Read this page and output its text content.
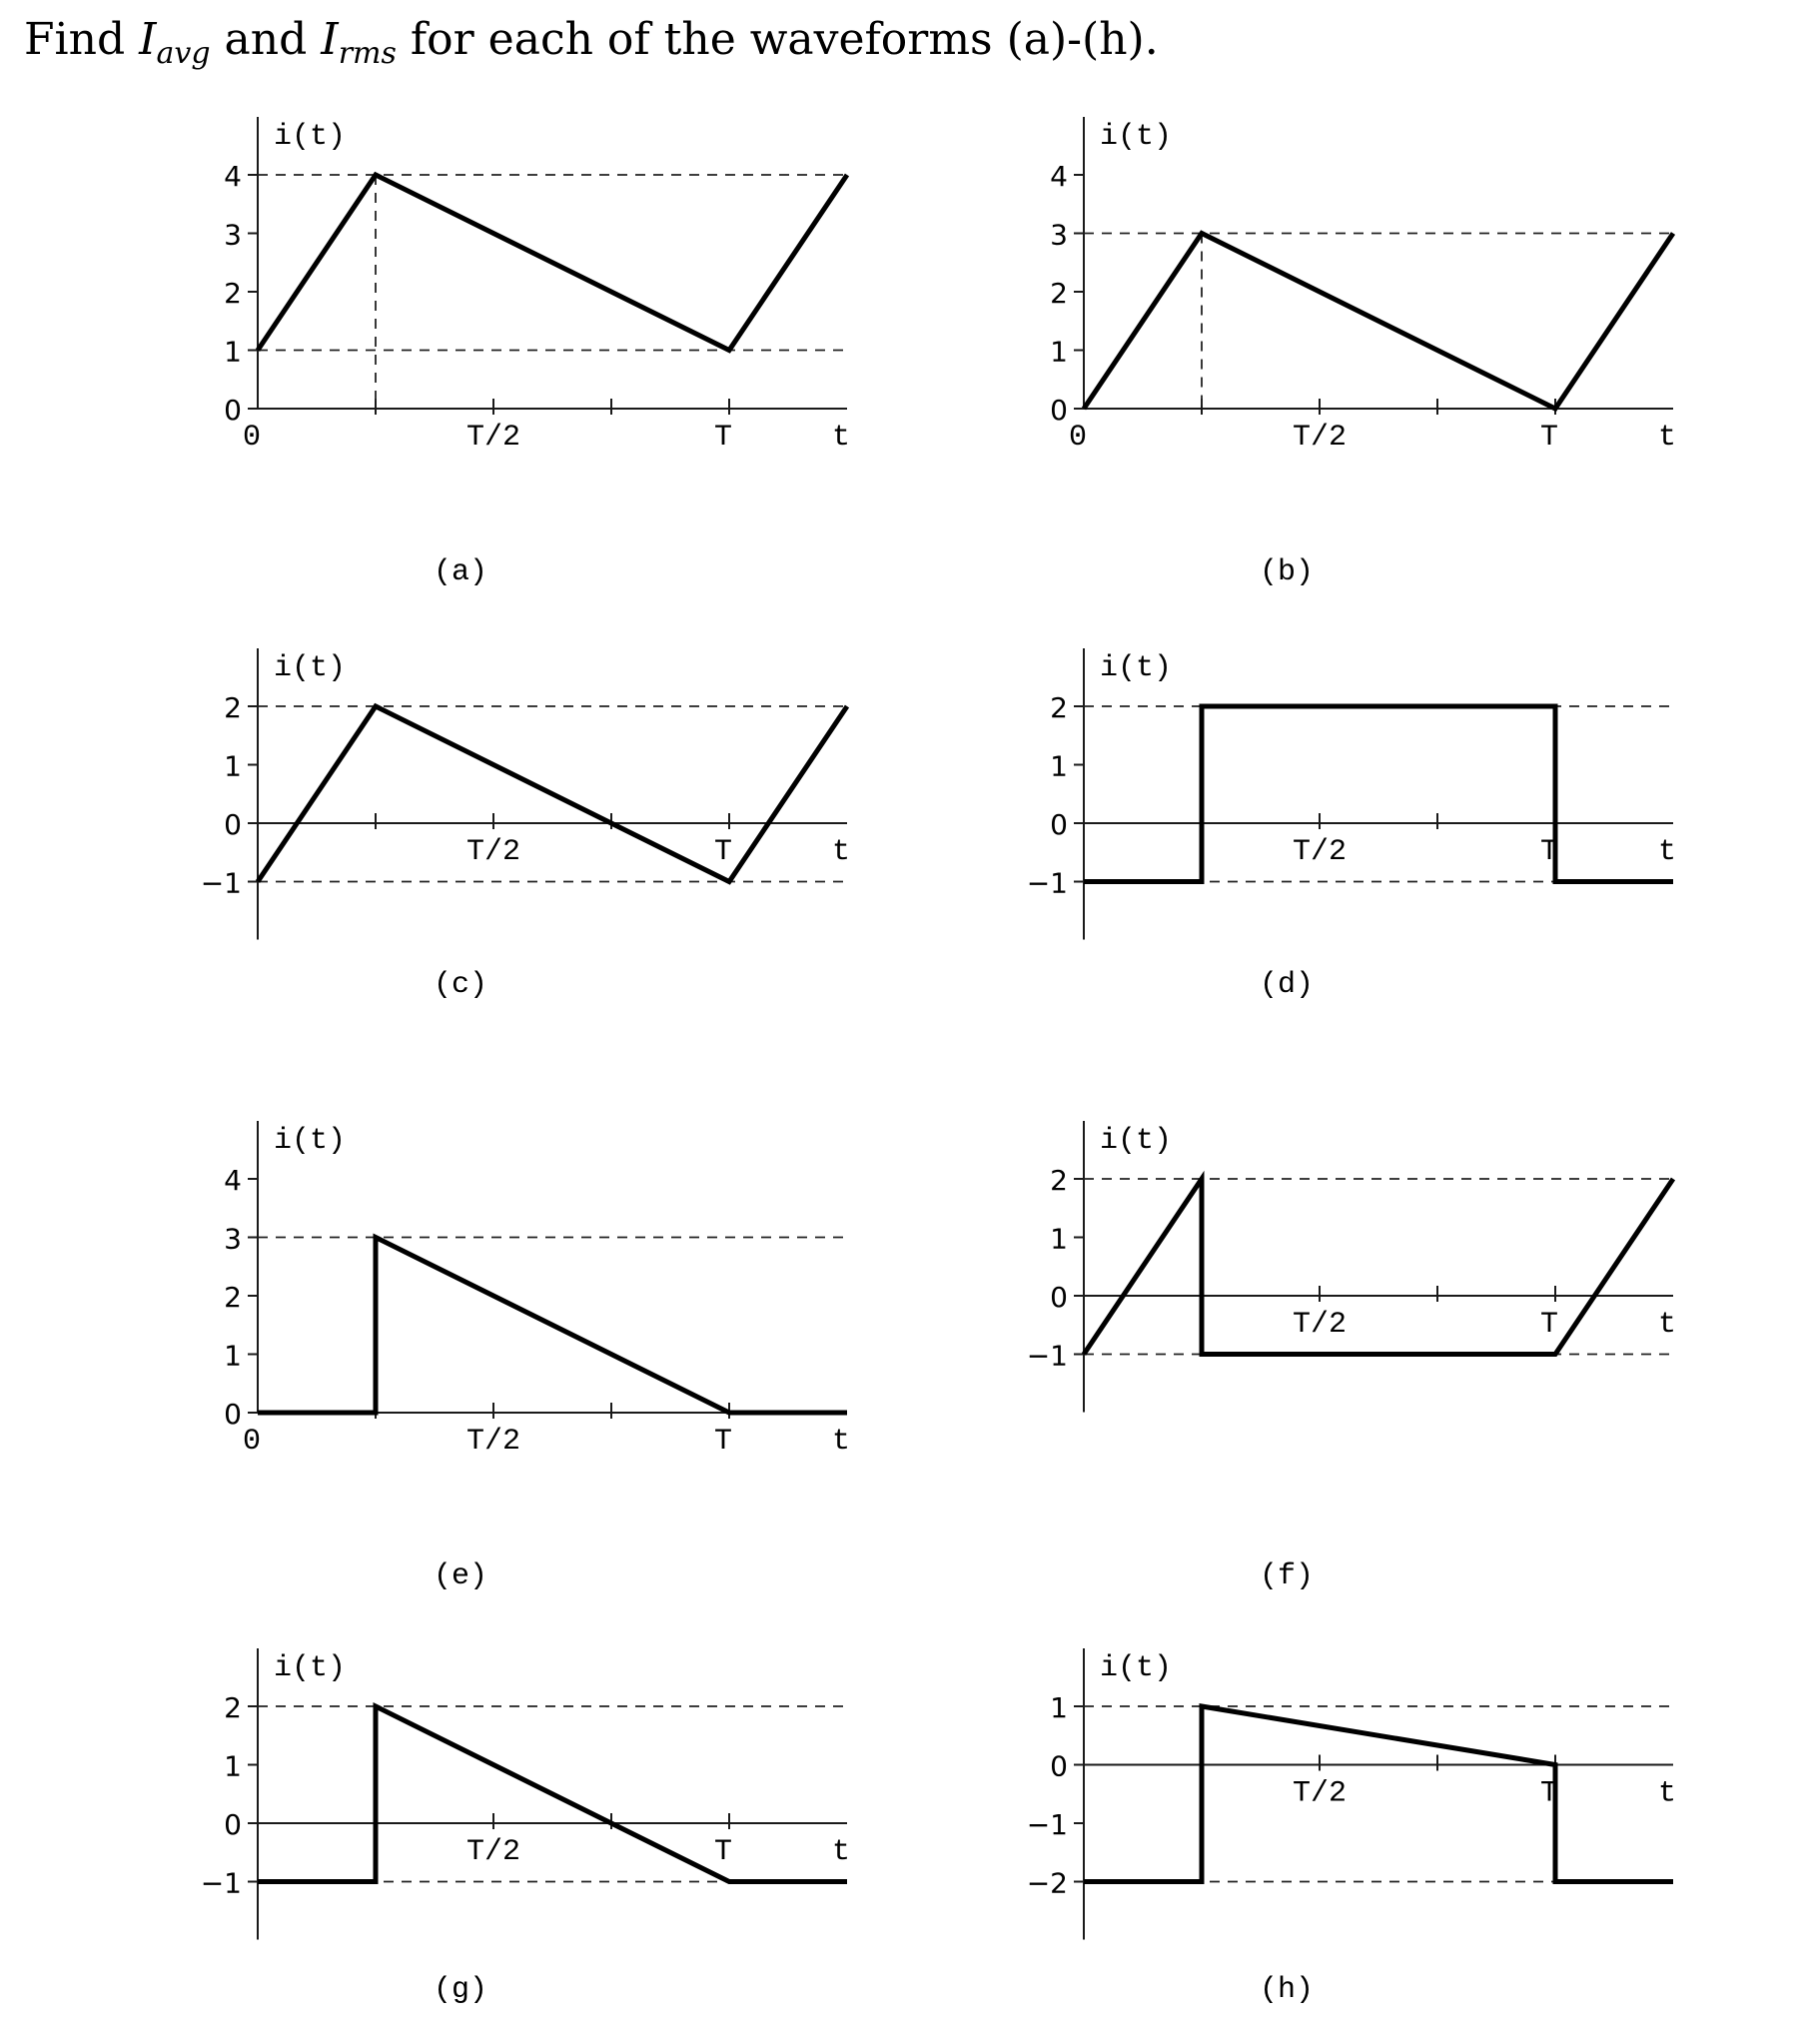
Find $I_{avg}$ and $I_{rms}$ for each of the waveforms (a)-(h).
i(t)
0
1
2
3
4
0	T/2	T	t
(a)
i(t)
0
1
2
3
4
0	T/2	T	t
(b)
i(t)
−1
0
1
2
T/2	T	t
(c)
i(t)
−1
0
1
2
T/2	T	t
(d)
i(t)
0
1
2
3
4
0	T/2	T	t
(e)
i(t)
−1
0
1
2
T/2	T	t
(f)
i(t)
−1
0
1
2
T/2	T	t
(g)
i(t)
−2
−1
0
1
T/2	T	t
(h)
